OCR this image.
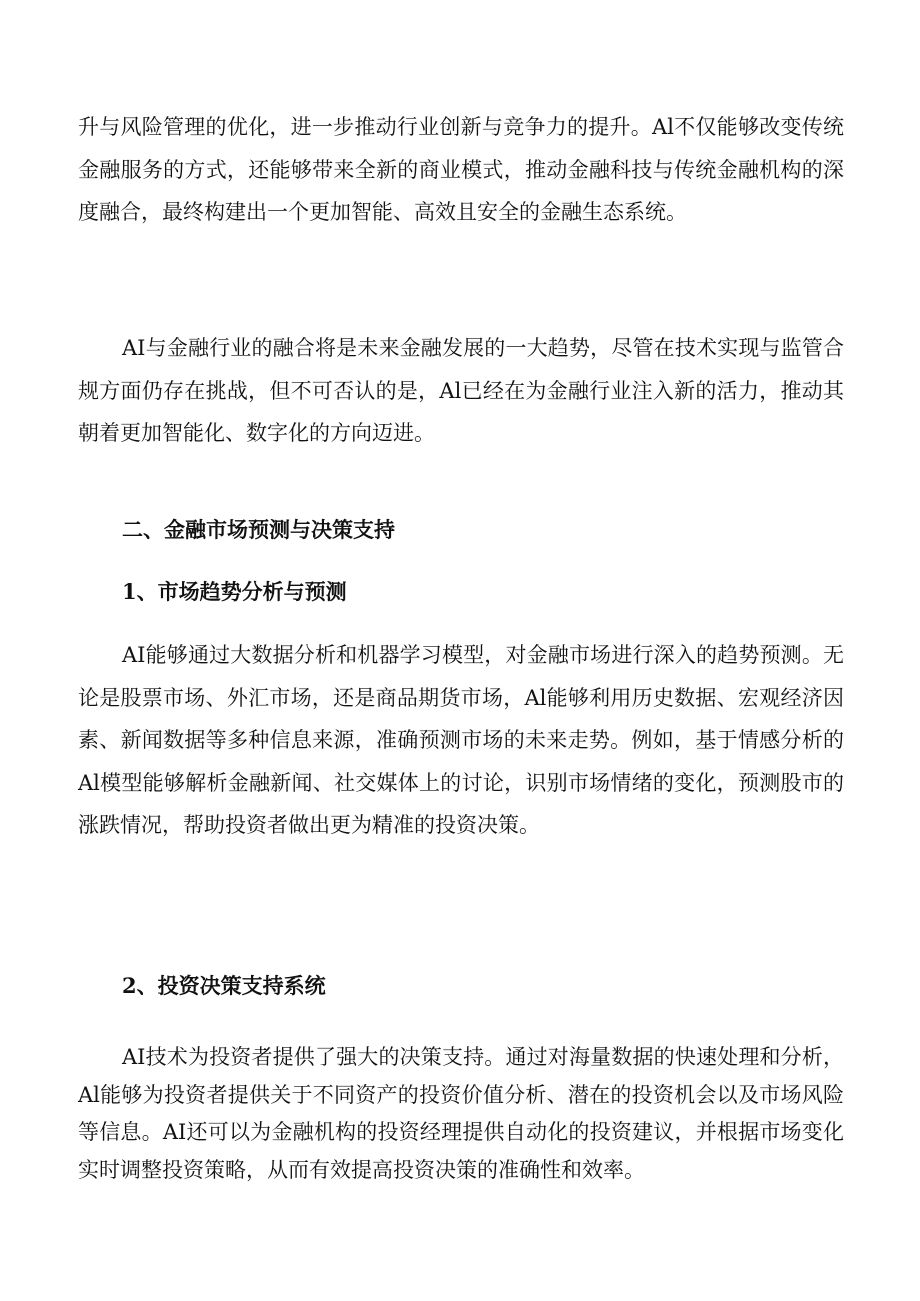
升与风险管理的优化，进一步推动行业创新与竞争力的提升。Al不仅能够改变传统金融服务的方式，还能够带来全新的商业模式，推动金融科技与传统金融机构的深度融合，最终构建出一个更加智能、高效且安全的金融生态系统。

AI与金融行业的融合将是未来金融发展的一大趋势，尽管在技术实现与监管合规方面仍存在挑战，但不可否认的是，Al已经在为金融行业注入新的活力，推动其朝着更加智能化、数字化的方向迈进。

二、金融市场预测与决策支持
1、市场趋势分析与预测

AI能够通过大数据分析和机器学习模型，对金融市场进行深入的趋势预测。无论是股票市场、外汇市场，还是商品期货市场，Al能够利用历史数据、宏观经济因素、新闻数据等多种信息来源，准确预测市场的未来走势。例如，基于情感分析的Al模型能够解析金融新闻、社交媒体上的讨论，识别市场情绪的变化，预测股市的涨跌情况，帮助投资者做出更为精准的投资决策。

2、投资决策支持系统

AI技术为投资者提供了强大的决策支持。通过对海量数据的快速处理和分析，Al能够为投资者提供关于不同资产的投资价值分析、潜在的投资机会以及市场风险等信息。AI还可以为金融机构的投资经理提供自动化的投资建议，并根据市场变化实时调整投资策略，从而有效提高投资决策的准确性和效率。
